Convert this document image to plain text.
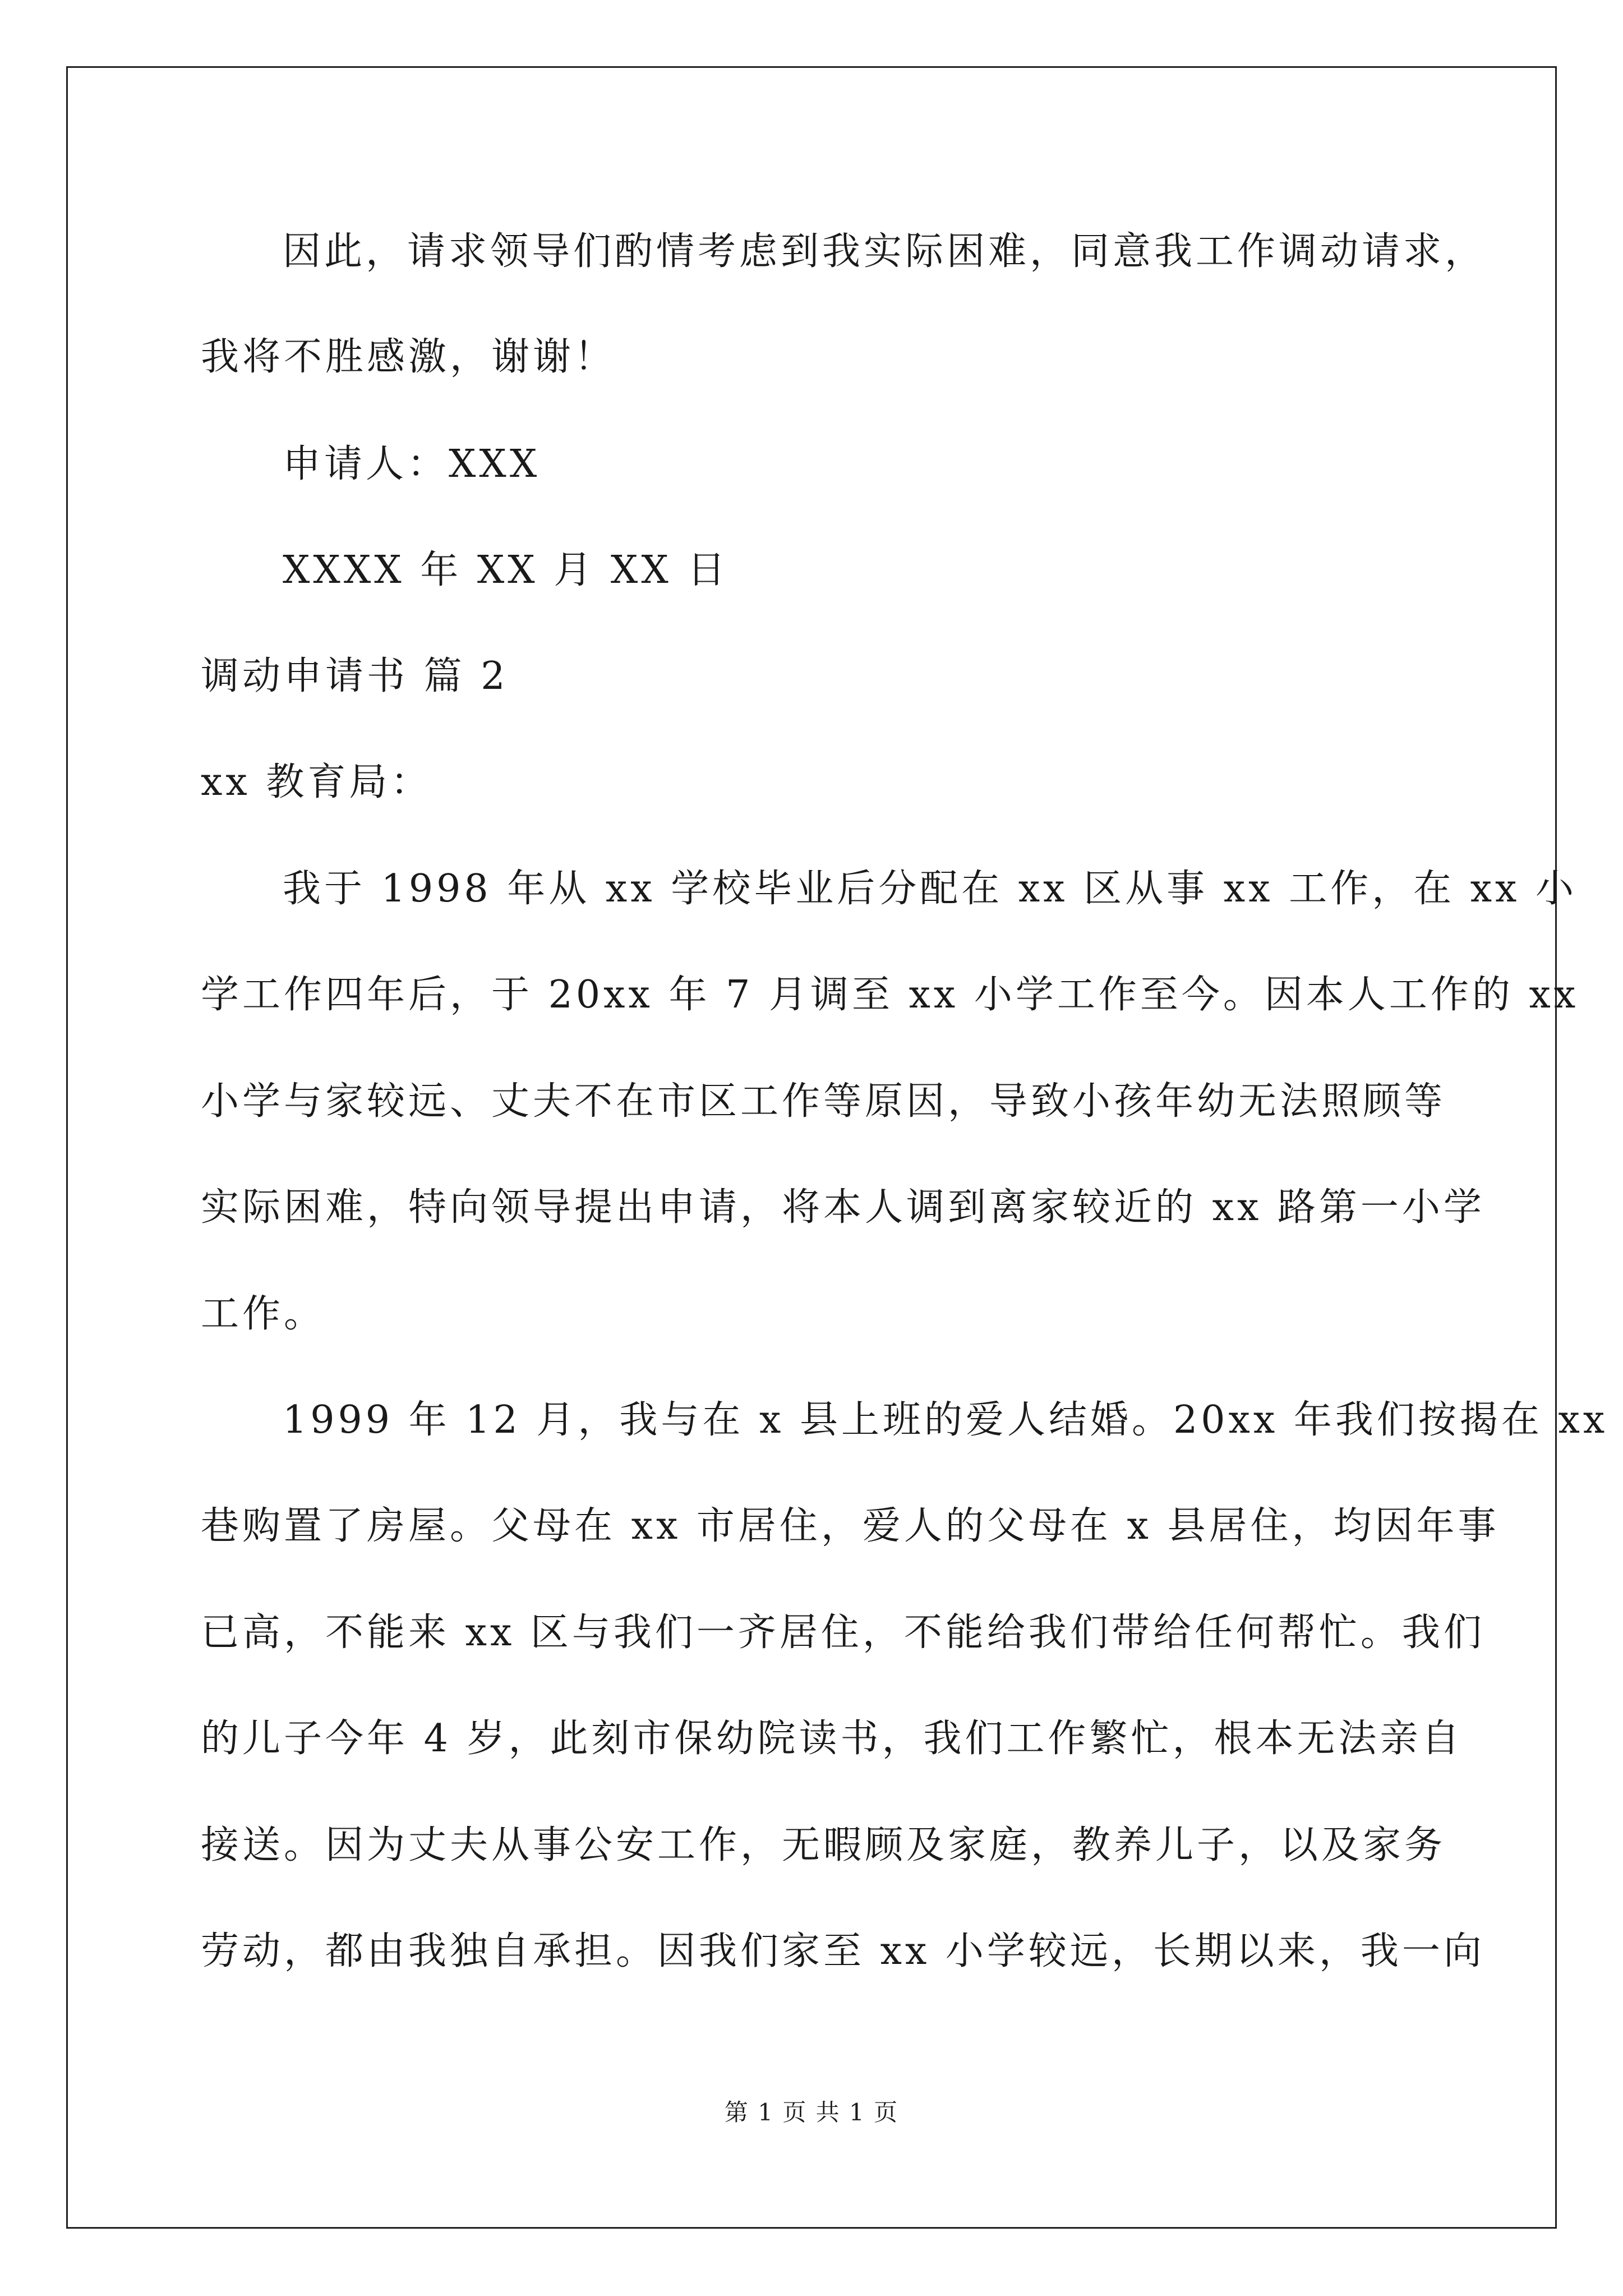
因此，请求领导们酌情考虑到我实际困难，同意我工作调动请求，
我将不胜感激，谢谢！
申请人：XXX
XXXX 年 XX 月 XX 日
调动申请书 篇 2
xx 教育局：
我于 1998 年从 xx 学校毕业后分配在 xx 区从事 xx 工作，在 xx 小
学工作四年后，于 20xx 年 7 月调至 xx 小学工作至今。因本人工作的 xx
小学与家较远、丈夫不在市区工作等原因，导致小孩年幼无法照顾等
实际困难，特向领导提出申请，将本人调到离家较近的 xx 路第一小学
工作。
1999 年 12 月，我与在 x 县上班的爱人结婚。20xx 年我们按揭在 xx
巷购置了房屋。父母在 xx 市居住，爱人的父母在 x 县居住，均因年事
已高，不能来 xx 区与我们一齐居住，不能给我们带给任何帮忙。我们
的儿子今年 4 岁，此刻市保幼院读书，我们工作繁忙，根本无法亲自
接送。因为丈夫从事公安工作，无暇顾及家庭，教养儿子，以及家务
劳动，都由我独自承担。因我们家至 xx 小学较远，长期以来，我一向
第 1 页 共 1 页
